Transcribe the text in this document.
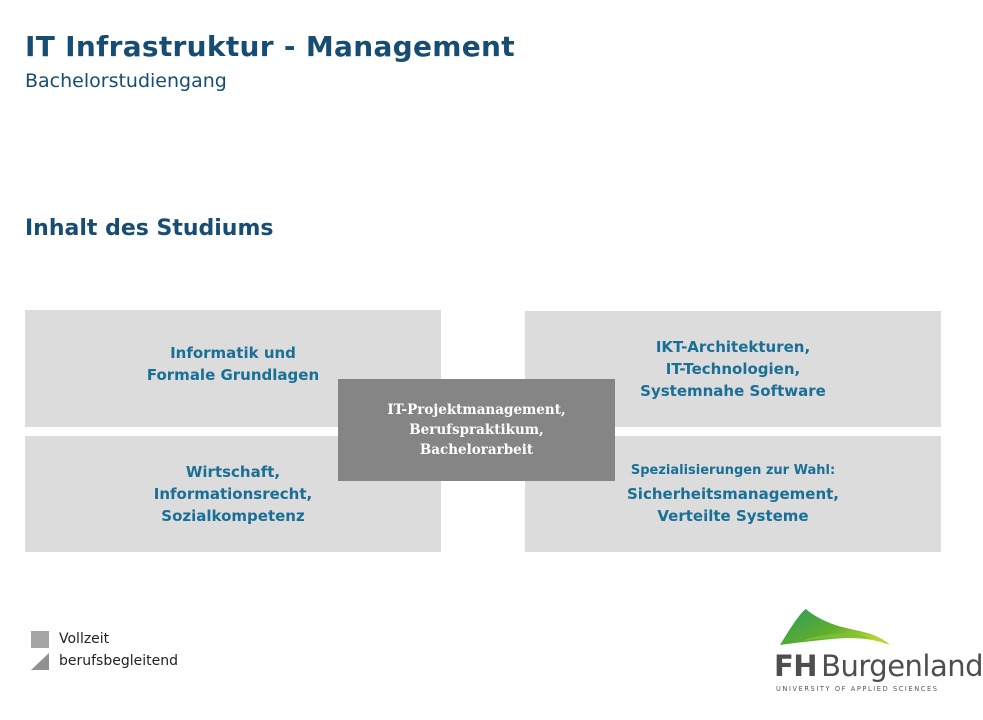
IT Infrastruktur - Management
Bachelorstudiengang
Inhalt des Studiums
Informatik und
Formale Grundlagen
IKT-Architekturen,
IT-Technologien,
Systemnahe Software
Wirtschaft,
Informationsrecht,
Sozialkompetenz
Spezialisierungen zur Wahl:
Sicherheitsmanagement,
Verteilte Systeme
IT-Projektmanagement,
Berufspraktikum,
Bachelorarbeit
Vollzeit
berufsbegleitend	FH Burgenland
UNIVERSITY OF APPLIED SCIENCES
